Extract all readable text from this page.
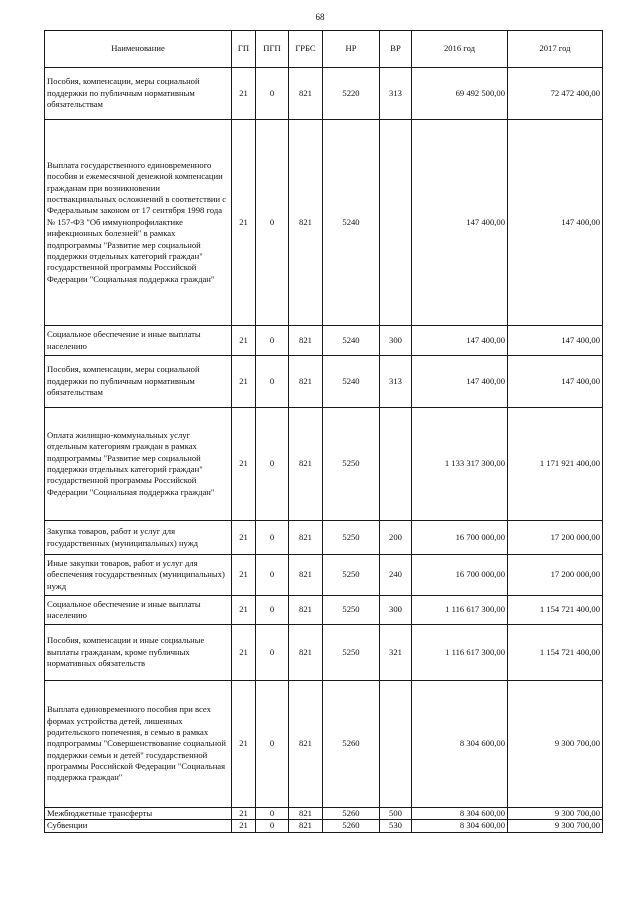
68
Наименование	ГП	ПГП	ГРБС	НР	ВР	2016 год	2017 год
Пособия, компенсации, меры социальной поддержки по публичным нормативным обязательствам	21	0	821	5220	313	69 492 500,00	72 472 400,00
Выплата государственного единовременного пособия и ежемесячной денежной компенсации гражданам при возникновении поствакцинальных осложнений в соответствии с Федеральным законом от 17 сентября 1998 года № 157-ФЗ "Об иммунопрофилактике инфекционных болезней" в рамках подпрограммы "Развитие мер социальной поддержки отдельных категорий граждан" государственной программы Российской Федерации "Социальная поддержка граждан"	21	0	821	5240		147 400,00	147 400,00
Социальное обеспечение и иные выплаты населению	21	0	821	5240	300	147 400,00	147 400,00
Пособия, компенсации, меры социальной поддержки по публичным нормативным обязательствам	21	0	821	5240	313	147 400,00	147 400,00
Оплата жилищно-коммунальных услуг отдельным категориям граждан в рамках подпрограммы "Развитие мер социальной поддержки отдельных категорий граждан" государственной программы Российской Федерации "Социальная поддержка граждан"	21	0	821	5250		1 133 317 300,00	1 171 921 400,00
Закупка товаров, работ и услуг для государственных (муниципальных) нужд	21	0	821	5250	200	16 700 000,00	17 200 000,00
Иные закупки товаров, работ и услуг для обеспечения государственных (муниципальных) нужд	21	0	821	5250	240	16 700 000,00	17 200 000,00
Социальное обеспечение и иные выплаты населению	21	0	821	5250	300	1 116 617 300,00	1 154 721 400,00
Пособия, компенсации и иные социальные выплаты гражданам, кроме публичных нормативных обязательств	21	0	821	5250	321	1 116 617 300,00	1 154 721 400,00
Выплата единовременного пособия при всех формах устройства детей, лишенных родительского попечения, в семью в рамках подпрограммы "Совершенствование социальной поддержки семьи и детей" государственной программы Российской Федерации "Социальная поддержка граждан"	21	0	821	5260		8 304 600,00	9 300 700,00
Межбюджетные трансферты	21	0	821	5260	500	8 304 600,00	9 300 700,00
Субвенции	21	0	821	5260	530	8 304 600,00	9 300 700,00
